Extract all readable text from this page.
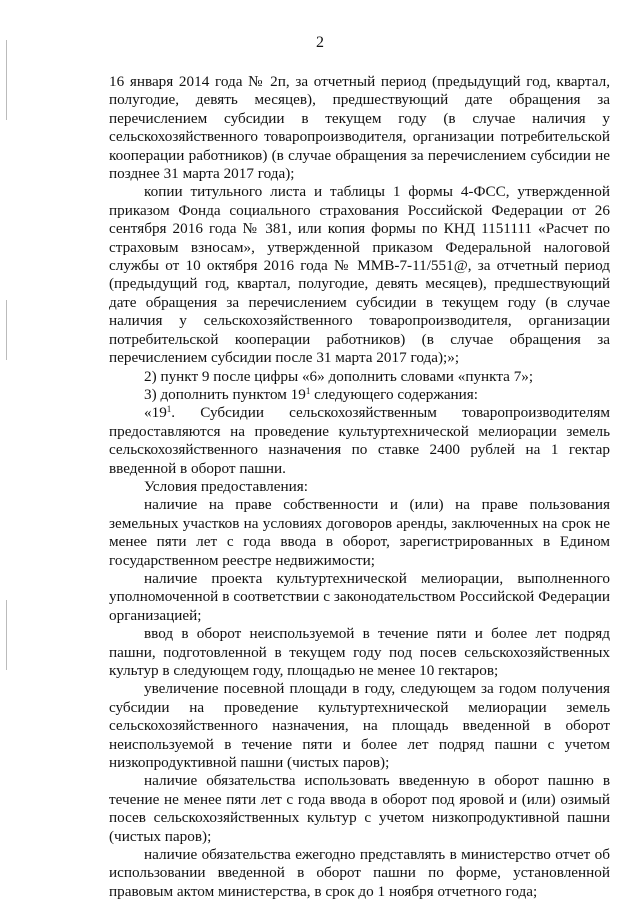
2

16 января 2014 года № 2п, за отчетный период (предыдущий год, квартал, полугодие, девять месяцев), предшествующий дате обращения за перечислением субсидии в текущем году (в случае наличия у сельскохозяйственного товаропроизводителя, организации потребительской кооперации работников) (в случае обращения за перечислением субсидии не позднее 31 марта 2017 года);

копии титульного листа и таблицы 1 формы 4-ФСС, утвержденной приказом Фонда социального страхования Российской Федерации от 26 сентября 2016 года № 381, или копия формы по КНД 1151111 «Расчет по страховым взносам», утвержденной приказом Федеральной налоговой службы от 10 октября 2016 года № ММВ-7-11/551@, за отчетный период (предыдущий год, квартал, полугодие, девять месяцев), предшествующий дате обращения за перечислением субсидии в текущем году (в случае наличия у сельскохозяйственного товаропроизводителя, организации потребительской кооперации работников) (в случае обращения за перечислением субсидии после 31 марта 2017 года);»;

2) пункт 9 после цифры «6» дополнить словами «пункта 7»;

3) дополнить пунктом $19^1$ следующего содержания:

«$19^1$. Субсидии сельскохозяйственным товаропроизводителям предоставляются на проведение культуртехнической мелиорации земель сельскохозяйственного назначения по ставке 2400 рублей на 1 гектар введенной в оборот пашни.

Условия предоставления:

наличие на праве собственности и (или) на праве пользования земельных участков на условиях договоров аренды, заключенных на срок не менее пяти лет с года ввода в оборот, зарегистрированных в Едином государственном реестре недвижимости;

наличие проекта культуртехнической мелиорации, выполненного уполномоченной в соответствии с законодательством Российской Федерации организацией;

ввод в оборот неиспользуемой в течение пяти и более лет подряд пашни, подготовленной в текущем году под посев сельскохозяйственных культур в следующем году, площадью не менее 10 гектаров;

увеличение посевной площади в году, следующем за годом получения субсидии на проведение культуртехнической мелиорации земель сельскохозяйственного назначения, на площадь введенной в оборот неиспользуемой в течение пяти и более лет подряд пашни с учетом низкопродуктивной пашни (чистых паров);

наличие обязательства использовать введенную в оборот пашню в течение не менее пяти лет с года ввода в оборот под яровой и (или) озимый посев сельскохозяйственных культур с учетом низкопродуктивной пашни (чистых паров);

наличие обязательства ежегодно представлять в министерство отчет об использовании введенной в оборот пашни по форме, установленной правовым актом министерства, в срок до 1 ноября отчетного года;
